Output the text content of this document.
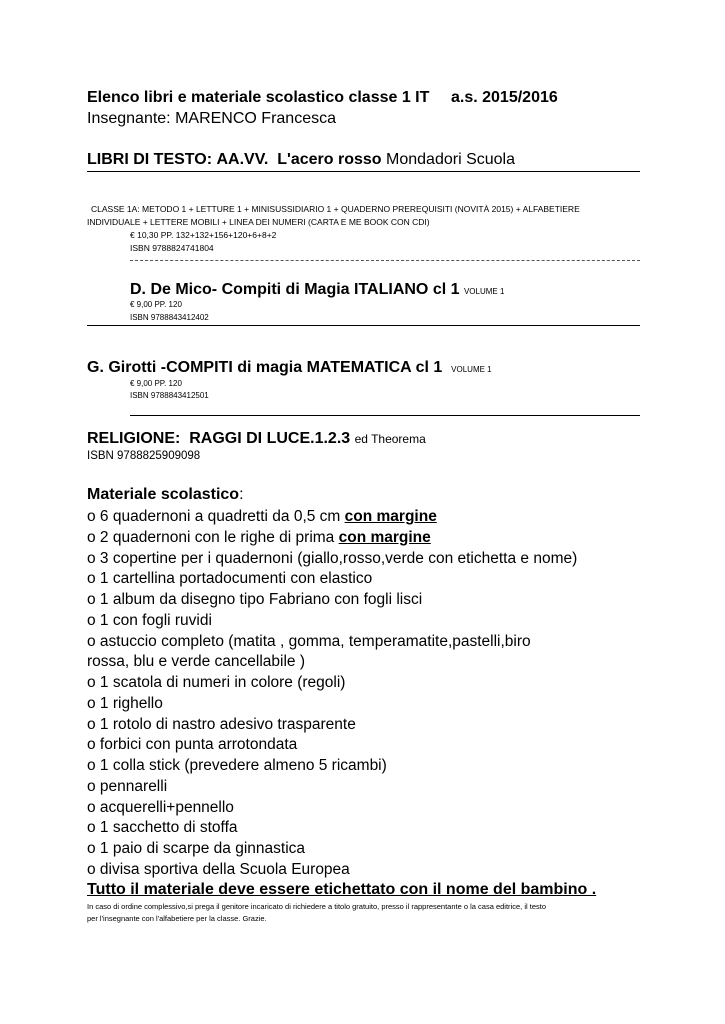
Elenco libri e materiale scolastico classe 1 IT a.s. 2015/2016
Insegnante: MARENCO Francesca
LIBRI DI TESTO: AA.VV. L'acero rosso Mondadori Scuola
CLASSE 1A: METODO 1 + LETTURE 1 + MINISUSSIDIARIO 1 + QUADERNO PREREQUISITI (NOVITÀ 2015) + ALFABETIERE
INDIVIDUALE + LETTERE MOBILI + LINEA DEI NUMERI (CARTA E ME BOOK CON CDI)
€ 10,30 PP. 132+132+156+120+6+8+2
ISBN 9788824741804
D. De Mico- Compiti di Magia ITALIANO cl 1 VOLUME 1
€ 9,00 PP. 120
ISBN 9788843412402
G. Girotti -COMPITI di magia MATEMATICA cl 1 VOLUME 1
€ 9,00 PP. 120
ISBN 9788843412501
RELIGIONE: RAGGI DI LUCE.1.2.3 ed Theorema
ISBN 9788825909098
Materiale scolastico:
o 6 quadernoni a quadretti da 0,5 cm con margine
o 2 quadernoni con le righe di prima con margine
o 3 copertine per i quadernoni (giallo,rosso,verde con etichetta e nome)
o 1 cartellina portadocumenti con elastico
o 1 album da disegno tipo Fabriano con fogli lisci
o 1 con fogli ruvidi
o astuccio completo (matita , gomma, temperamatite,pastelli,biro
rossa, blu e verde cancellabile )
o 1 scatola di numeri in colore (regoli)
o 1 righello
o 1 rotolo di nastro adesivo trasparente
o forbici con punta arrotondata
o 1 colla stick (prevedere almeno 5 ricambi)
o pennarelli
o acquerelli+pennello
o 1 sacchetto di stoffa
o 1 paio di scarpe da ginnastica
o divisa sportiva della Scuola Europea
Tutto il materiale deve essere etichettato con il nome del bambino .
In caso di ordine complessivo,si prega il genitore incaricato di richiedere a titolo gratuito, presso il rappresentante o la casa editrice, il testo
per l'insegnante con l'alfabetiere per la classe. Grazie.
